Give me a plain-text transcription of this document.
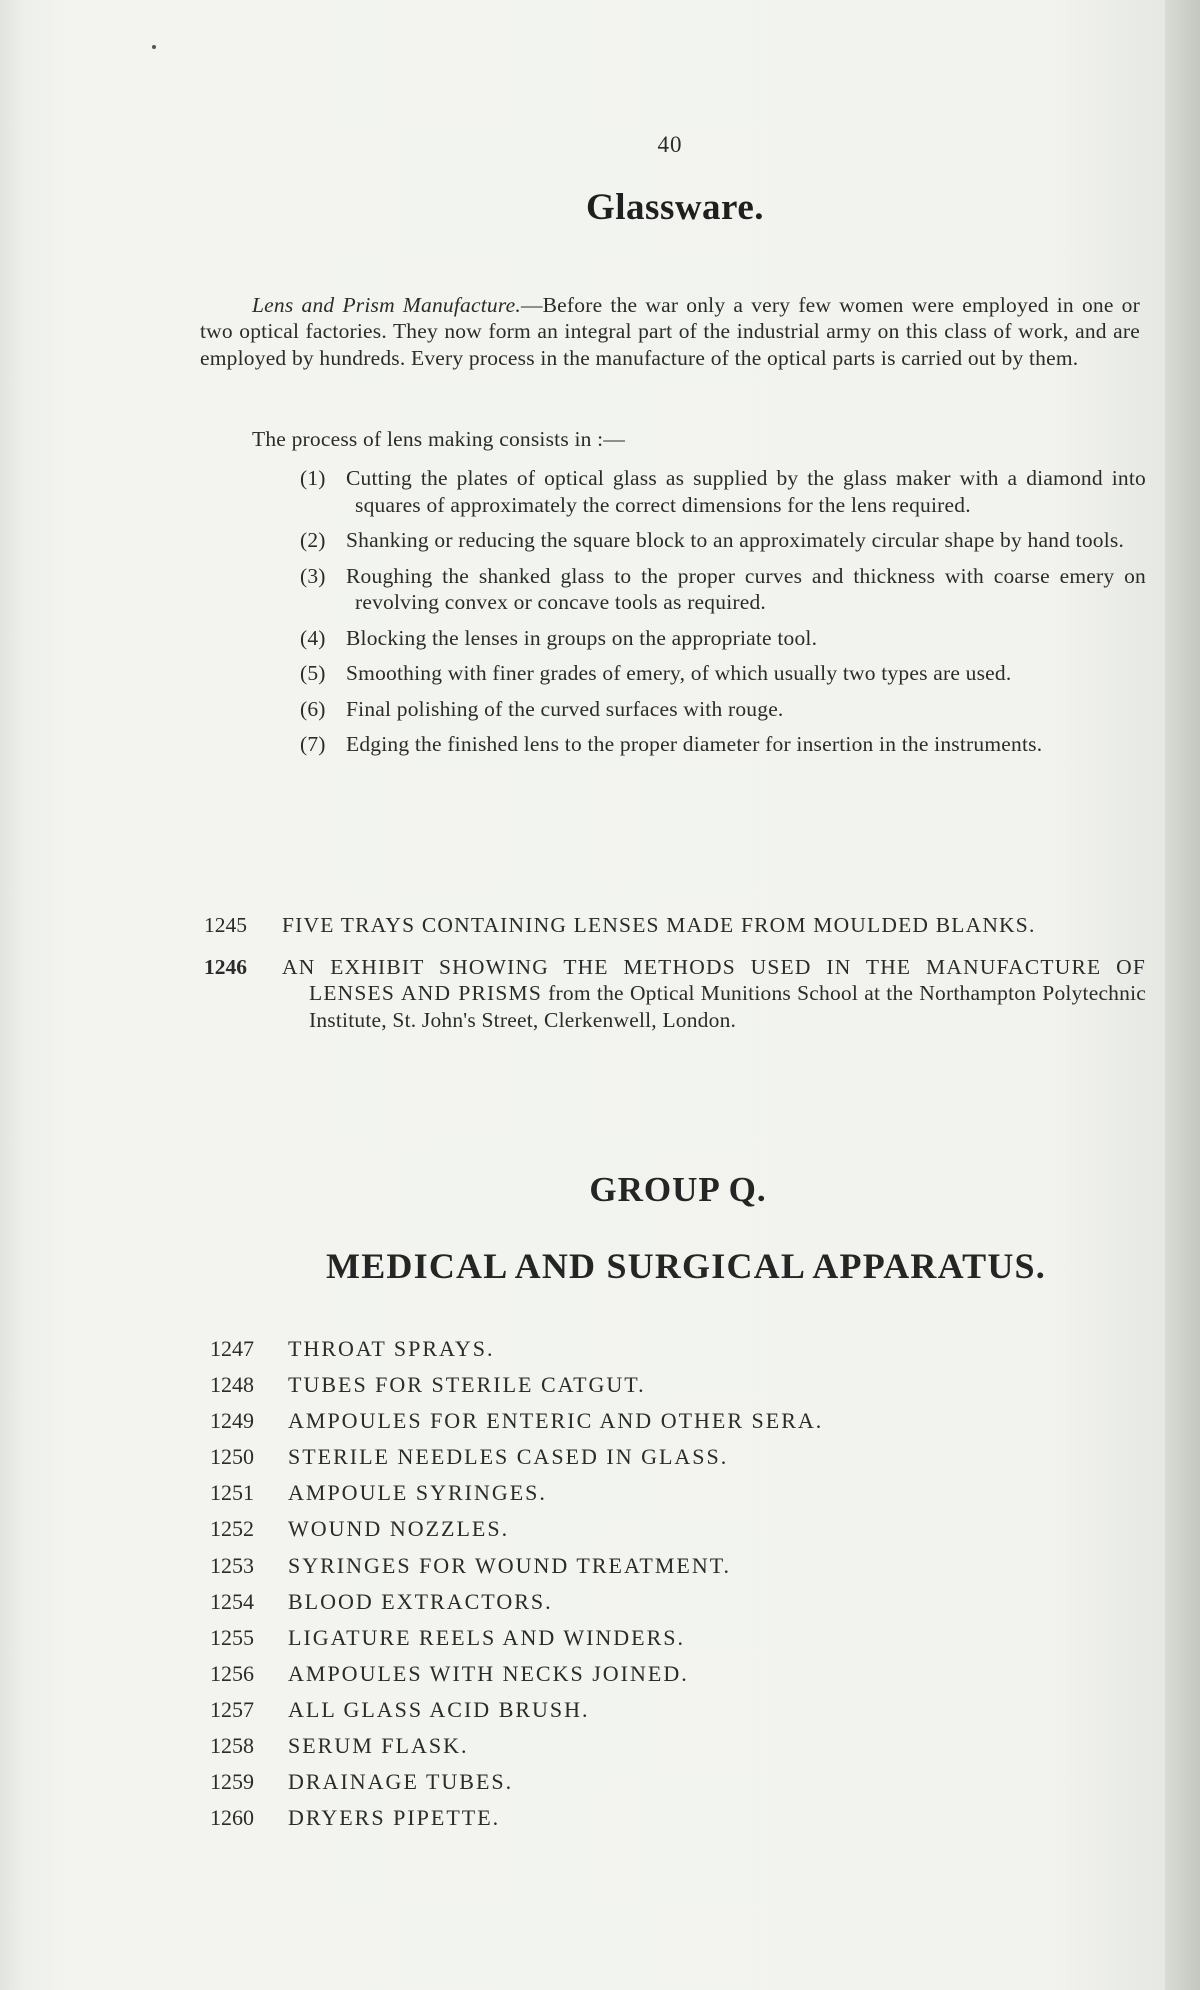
40
Glassware.

Lens and Prism Manufacture.—Before the war only a very few women were employed in one or two optical factories. They now form an integral part of the industrial army on this class of work, and are employed by hundreds. Every process in the manufacture of the optical parts is carried out by them.

The process of lens making consists in :—
(1) Cutting the plates of optical glass as supplied by the glass maker with a diamond into squares of approximately the correct dimensions for the lens required.
(2) Shanking or reducing the square block to an approximately circular shape by hand tools.
(3) Roughing the shanked glass to the proper curves and thickness with coarse emery on revolving convex or concave tools as required.
(4) Blocking the lenses in groups on the appropriate tool.
(5) Smoothing with finer grades of emery, of which usually two types are used.
(6) Final polishing of the curved surfaces with rouge.
(7) Edging the finished lens to the proper diameter for insertion in the instruments.
1245 FIVE TRAYS CONTAINING LENSES MADE FROM MOULDED BLANKS.
1246 AN EXHIBIT SHOWING THE METHODS USED IN THE MANUFACTURE OF LENSES AND PRISMS from the Optical Munitions School at the Northampton Polytechnic Institute, St. John's Street, Clerkenwell, London.
GROUP Q.
MEDICAL AND SURGICAL APPARATUS.
1247 THROAT SPRAYS.
1248 TUBES FOR STERILE CATGUT.
1249 AMPOULES FOR ENTERIC AND OTHER SERA.
1250 STERILE NEEDLES CASED IN GLASS.
1251 AMPOULE SYRINGES.
1252 WOUND NOZZLES.
1253 SYRINGES FOR WOUND TREATMENT.
1254 BLOOD EXTRACTORS.
1255 LIGATURE REELS AND WINDERS.
1256 AMPOULES WITH NECKS JOINED.
1257 ALL GLASS ACID BRUSH.
1258 SERUM FLASK.
1259 DRAINAGE TUBES.
1260 DRYERS PIPETTE.
